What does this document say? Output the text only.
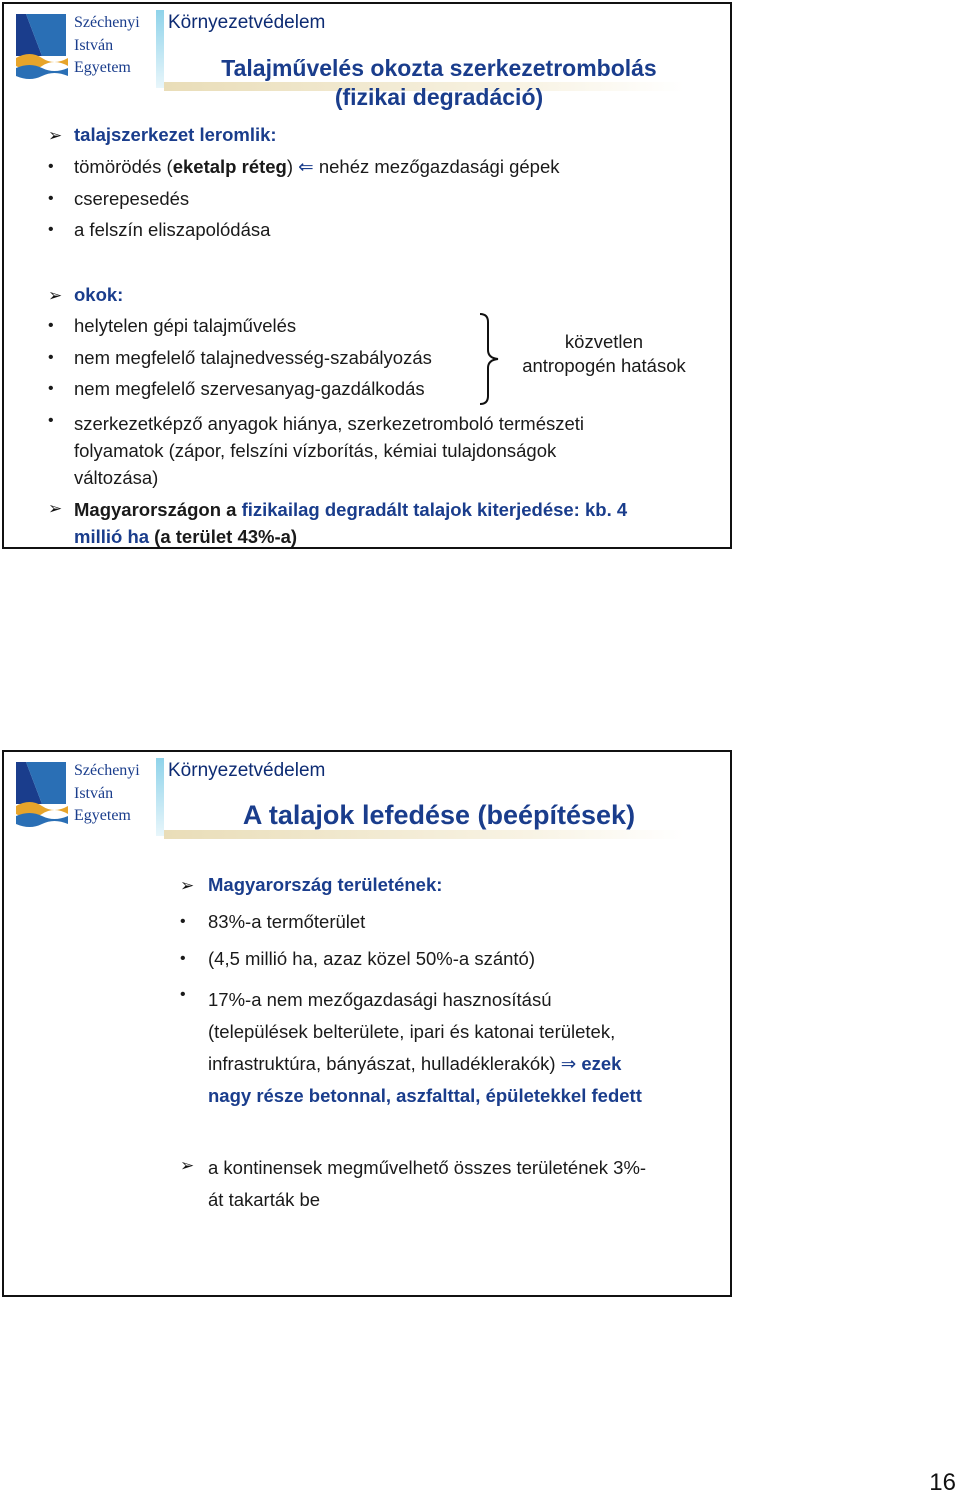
Széchenyi
István
Egyetem
Környezetvédelem
Talajművelés okozta szerkezetrombolás
(fizikai degradáció)
➢ talajszerkezet leromlik:
• tömörödés (eketalp réteg) ⇐ nehéz mezőgazdasági gépek
• cserepesedés
• a felszín eliszapolódása
➢ okok:
• helytelen gépi talajművelés
• nem megfelelő talajnedvesség-szabályozás
• nem megfelelő szervesanyag-gazdálkodás
közvetlen
antropogén hatások
• szerkezetképző anyagok hiánya, szerkezetromboló természeti
folyamatok (zápor, felszíni vízborítás, kémiai tulajdonságok
változása)
➢ Magyarországon a fizikailag degradált talajok kiterjedése: kb. 4
millió ha (a terület 43%-a)
Széchenyi
István
Egyetem
Környezetvédelem
A talajok lefedése (beépítések)
➢ Magyarország területének:
• 83%-a termőterület
• (4,5 millió ha, azaz közel 50%-a szántó)
• 17%-a nem mezőgazdasági hasznosítású
(települések belterülete, ipari és katonai területek,
infrastruktúra, bányászat, hulladéklerakók) ⇒ ezek
nagy része betonnal, aszfalttal, épületekkel fedett
➢ a kontinensek megművelhető összes területének 3%-
át takarták be
16
